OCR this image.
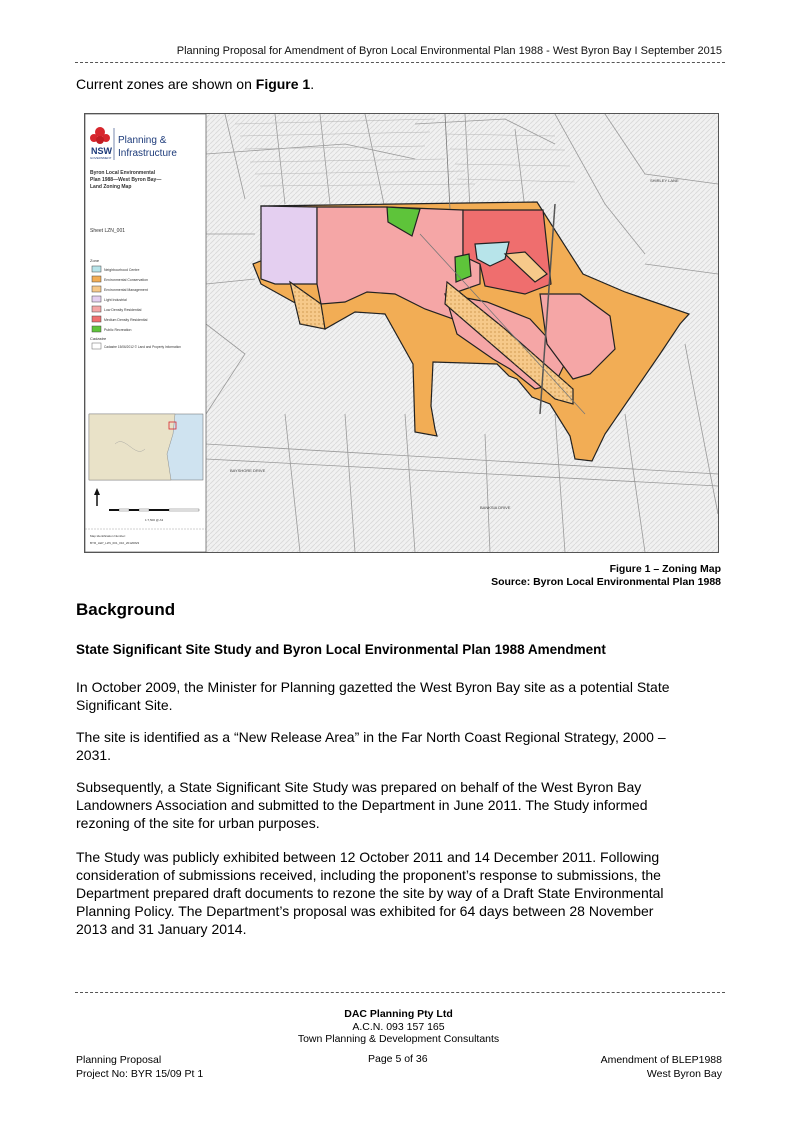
Planning Proposal for Amendment of Byron Local Environmental Plan 1988 - West Byron Bay I September 2015
Current zones are shown on Figure 1.
SHIRLEY LANE
BAYSHORE DRIVE
BANKSIA DRIVE
NSW
GOVERNMENT
Planning &
Infrastructure
Byron Local Environmental
Plan 1988—West Byron Bay—
Land Zoning Map
Sheet LZN_001
Zone
Neighbourhood Centre
Environmental Conservation
Environmental Management
Light Industrial
Low Density Residential
Medium Density Residential
Public Recreation
Cadastre
Cadastre 15/06/2012 © Land and Property Information
1:7,500 @ A3
Map Identification Number:
BYR_LEP_LZN_001_010_20120823
Figure 1 – Zoning Map
Source: Byron Local Environmental Plan 1988
Background
State Significant Site Study and Byron Local Environmental Plan 1988 Amendment
In October 2009, the Minister for Planning gazetted the West Byron Bay site as a potential State
Significant Site.
The site is identified as a “New Release Area” in the Far North Coast Regional Strategy, 2000 –
2031.
Subsequently, a State Significant Site Study was prepared on behalf of the West Byron Bay
Landowners Association and submitted to the Department in June 2011. The Study informed
rezoning of the site for urban purposes.
The Study was publicly exhibited between 12 October 2011 and 14 December 2011. Following
consideration of submissions received, including the proponent’s response to submissions, the
Department prepared draft documents to rezone the site by way of a Draft State Environmental
Planning Policy. The Department’s proposal was exhibited for 64 days between 28 November
2013 and 31 January 2014.
DAC Planning Pty Ltd
A.C.N. 093 157 165
Town Planning & Development Consultants
Planning Proposal
Project No: BYR 15/09 Pt 1
Page 5 of 36	Amendment of BLEP1988
West Byron Bay
